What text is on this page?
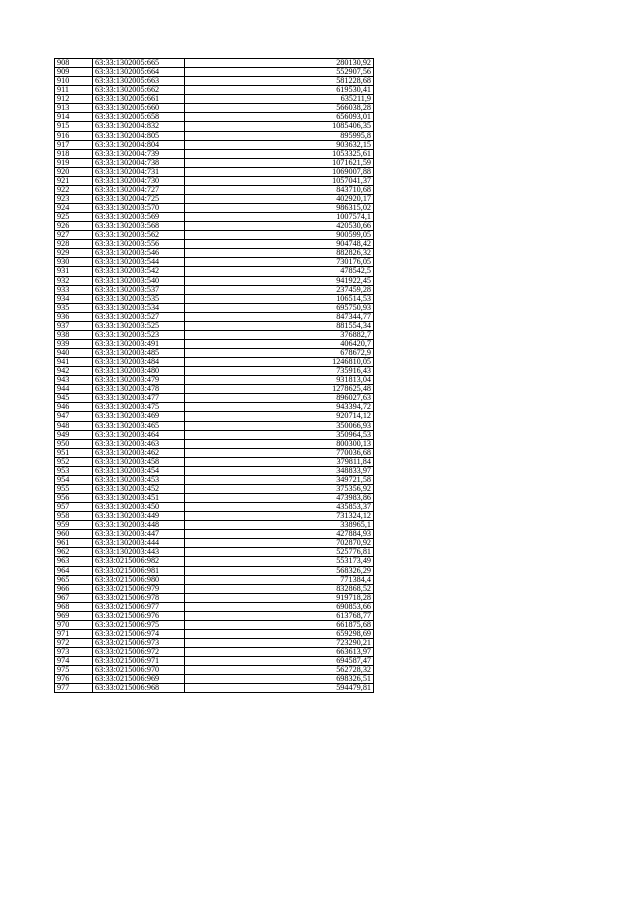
908	63:33:1302005:665	280130,92
909	63:33:1302005:664	552907,56
910	63:33:1302005:663	581228,68
911	63:33:1302005:662	619530,41
912	63:33:1302005:661	635211,9
913	63:33:1302005:660	566038,28
914	63:33:1302005:658	656093,01
915	63:33:1302004:832	1085406,35
916	63:33:1302004:805	895995,8
917	63:33:1302004:804	903632,15
918	63:33:1302004:739	1053325,61
919	63:33:1302004:738	1071621,59
920	63:33:1302004:731	1069007,88
921	63:33:1302004:730	1057041,37
922	63:33:1302004:727	843710,68
923	63:33:1302004:725	402920,17
924	63:33:1302003:570	986315,02
925	63:33:1302003:569	1007574,1
926	63:33:1302003:568	420530,66
927	63:33:1302003:562	900599,05
928	63:33:1302003:556	904748,42
929	63:33:1302003:546	882826,32
930	63:33:1302003:544	730176,05
931	63:33:1302003:542	478542,5
932	63:33:1302003:540	941922,45
933	63:33:1302003:537	237459,28
934	63:33:1302003:535	106514,53
935	63:33:1302003:534	695750,93
936	63:33:1302003:527	847344,77
937	63:33:1302003:525	881554,34
938	63:33:1302003:523	376882,7
939	63:33:1302003:491	406420,7
940	63:33:1302003:485	678672,9
941	63:33:1302003:484	1246810,05
942	63:33:1302003:480	735916,43
943	63:33:1302003:479	931813,04
944	63:33:1302003:478	1278625,48
945	63:33:1302003:477	896027,63
946	63:33:1302003:475	943394,72
947	63:33:1302003:469	920714,12
948	63:33:1302003:465	350066,93
949	63:33:1302003:464	350964,53
950	63:33:1302003:463	800300,13
951	63:33:1302003:462	770036,68
952	63:33:1302003:458	379811,84
953	63:33:1302003:454	348833,97
954	63:33:1302003:453	349721,58
955	63:33:1302003:452	375356,92
956	63:33:1302003:451	473983,86
957	63:33:1302003:450	435853,37
958	63:33:1302003:449	731324,12
959	63:33:1302003:448	338965,1
960	63:33:1302003:447	427884,93
961	63:33:1302003:444	702870,92
962	63:33:1302003:443	525776,81
963	63:33:0215006:982	553173,49
964	63:33:0215006:981	568326,29
965	63:33:0215006:980	771384,4
966	63:33:0215006:979	832868,52
967	63:33:0215006:978	919718,28
968	63:33:0215006:977	690853,66
969	63:33:0215006:976	613768,77
970	63:33:0215006:975	661875,68
971	63:33:0215006:974	659298,69
972	63:33:0215006:973	723290,21
973	63:33:0215006:972	663613,97
974	63:33:0215006:971	694587,47
975	63:33:0215006:970	562728,32
976	63:33:0215006:969	698326,51
977	63:33:0215006:968	594479,81
